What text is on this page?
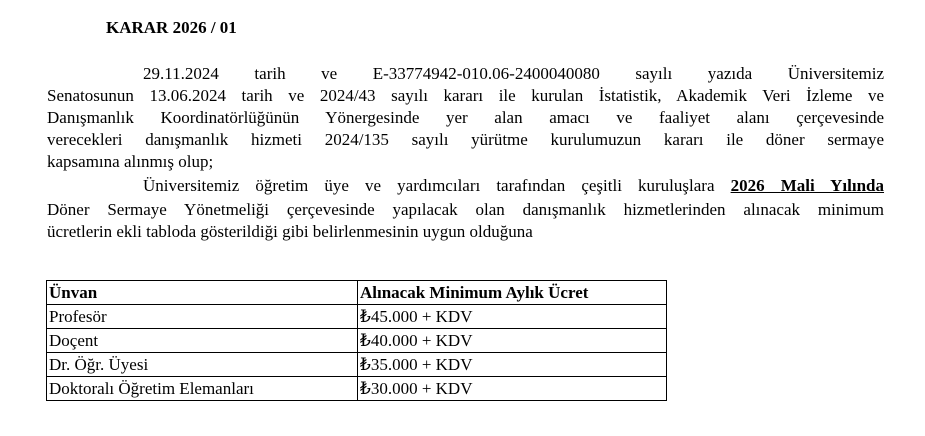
KARAR 2026 / 01
29.11.2024 tarih ve E-33774942-010.06-2400040080 sayılı yazıda Üniversitemiz
Senatosunun 13.06.2024 tarih ve 2024/43 sayılı kararı ile kurulan İstatistik, Akademik Veri İzleme ve
Danışmanlık Koordinatörlüğünün Yönergesinde yer alan amacı ve faaliyet alanı çerçevesinde
verecekleri danışmanlık hizmeti 2024/135 sayılı yürütme kurulumuzun kararı ile döner sermaye
kapsamına alınmış olup;
Üniversitemiz öğretim üye ve yardımcıları tarafından çeşitli kuruluşlara 2026 Mali Yılında
Döner Sermaye Yönetmeliği çerçevesinde yapılacak olan danışmanlık hizmetlerinden alınacak minimum
ücretlerin ekli tabloda gösterildiği gibi belirlenmesinin uygun olduğuna
Ünvan	Alınacak Minimum Aylık Ücret
Profesör	₺45.000 + KDV
Doçent	₺40.000 + KDV
Dr. Öğr. Üyesi	₺35.000 + KDV
Doktoralı Öğretim Elemanları	₺30.000 + KDV
